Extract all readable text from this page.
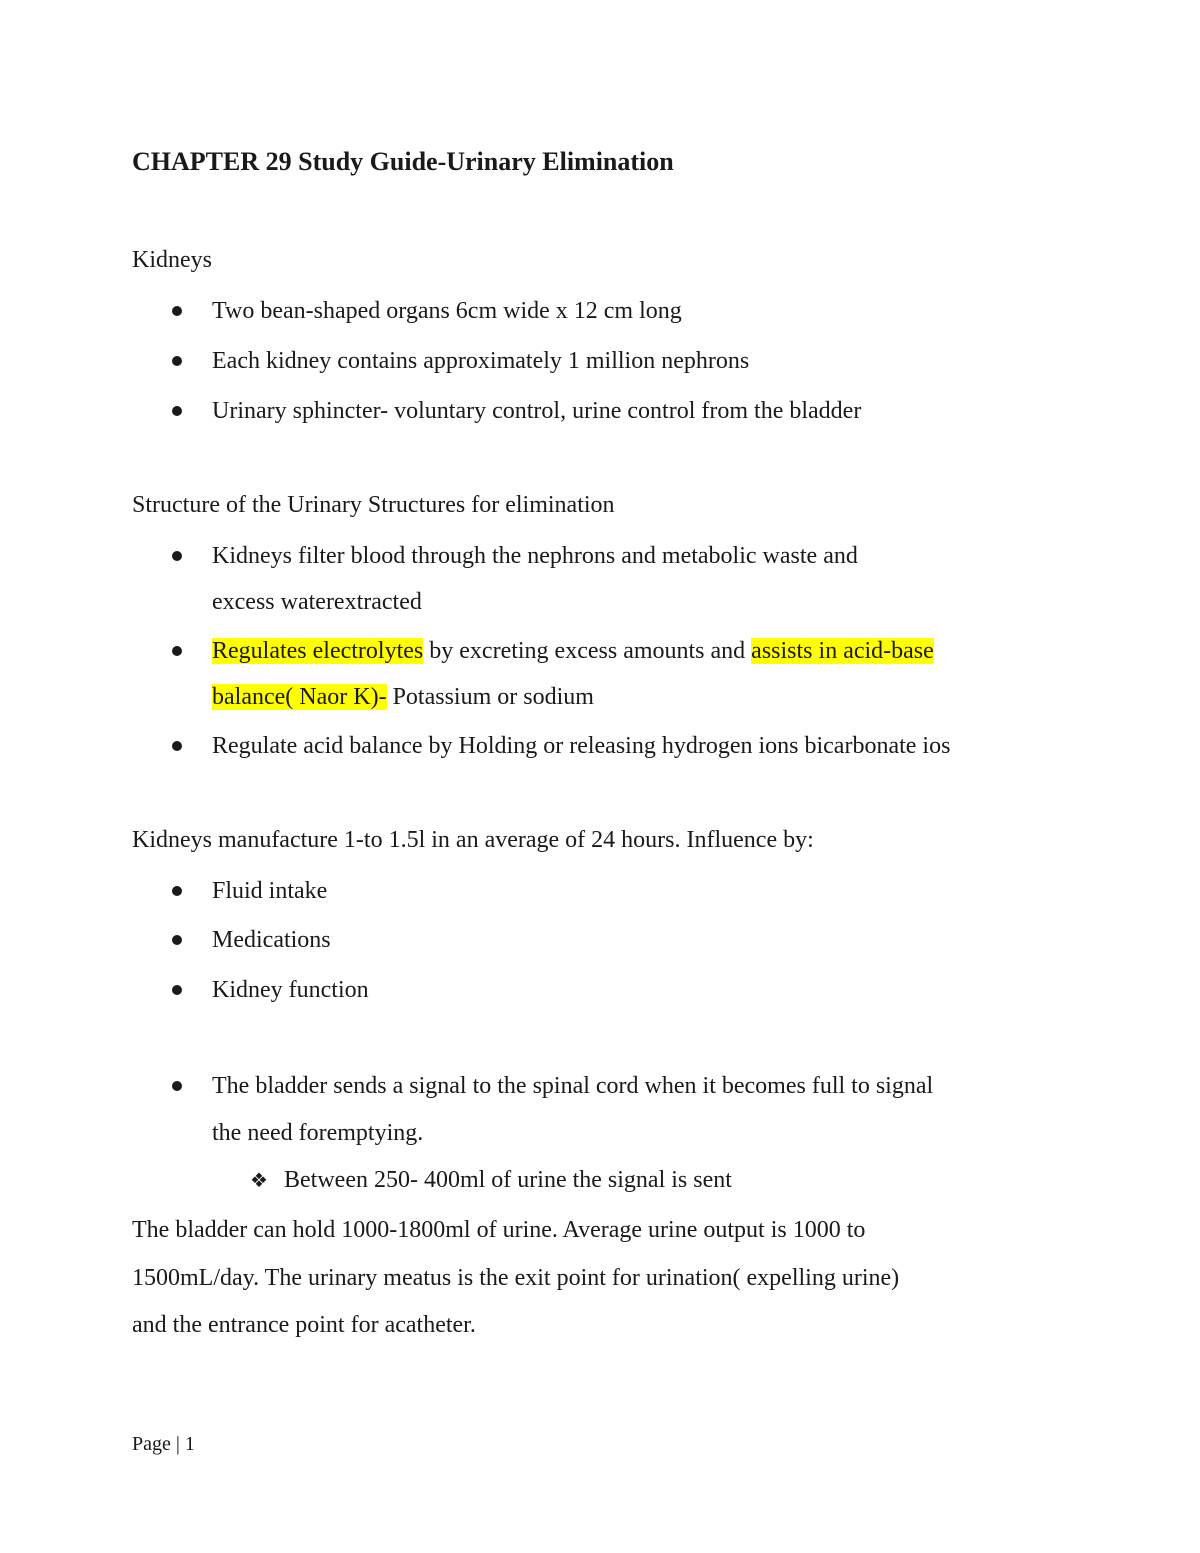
CHAPTER 29 Study Guide-Urinary Elimination
Kidneys
Two bean-shaped organs 6cm wide x 12 cm long
Each kidney contains approximately 1 million nephrons
Urinary sphincter- voluntary control, urine control from the bladder
Structure of the Urinary Structures for elimination
Kidneys filter blood through the nephrons and metabolic waste and
excess waterextracted
Regulates electrolytes by excreting excess amounts and assists in acid-base
balance( Naor K)- Potassium or sodium
Regulate acid balance by Holding or releasing hydrogen ions bicarbonate ios
Kidneys manufacture 1-to 1.5l in an average of 24 hours. Influence by:
Fluid intake
Medications
Kidney function
The bladder sends a signal to the spinal cord when it becomes full to signal
the need foremptying.
❖ Between 250- 400ml of urine the signal is sent
The bladder can hold 1000-1800ml of urine. Average urine output is 1000 to
1500mL/day. The urinary meatus is the exit point for urination( expelling urine)
and the entrance point for acatheter.
Page | 1
